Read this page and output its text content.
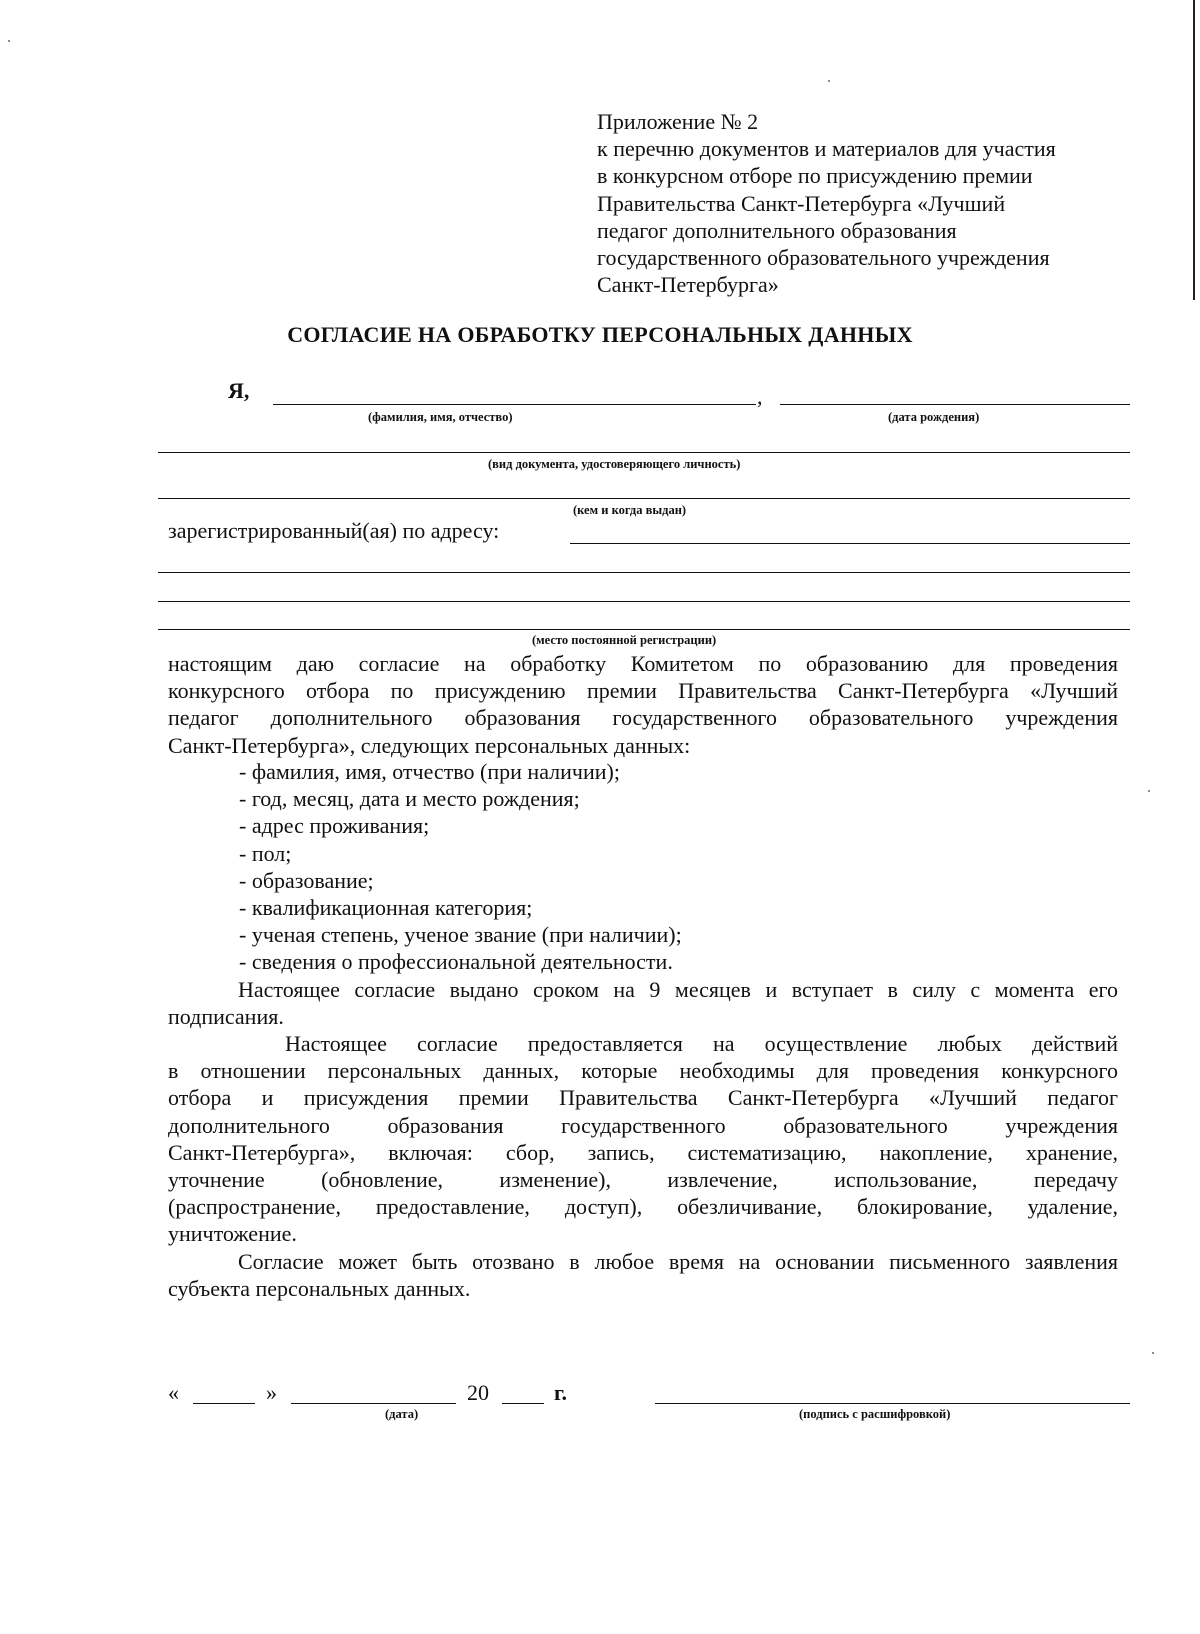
Приложение № 2
к перечню документов и материалов для участия
в конкурсном отборе по присуждению премии
Правительства Санкт-Петербурга «Лучший
педагог дополнительного образования
государственного образовательного учреждения
Санкт-Петербурга»
СОГЛАСИЕ НА ОБРАБОТКУ ПЕРСОНАЛЬНЫХ ДАННЫХ
Я,	,
(фамилия, имя, отчество)	(дата рождения)
(вид документа, удостоверяющего личность)
(кем и когда выдан)
зарегистрированный(ая) по адресу:
(место постоянной регистрации)
настоящим даю согласие на обработку Комитетом по образованию для проведения
конкурсного отбора по присуждению премии Правительства Санкт-Петербурга «Лучший
педагог дополнительного образования государственного образовательного учреждения
Санкт-Петербурга», следующих персональных данных:
- фамилия, имя, отчество (при наличии);
- год, месяц, дата и место рождения;
- адрес проживания;
- пол;
- образование;
- квалификационная категория;
- ученая степень, ученое звание (при наличии);
- сведения о профессиональной деятельности.
Настоящее согласие выдано сроком на 9 месяцев и вступает в силу с момента его
подписания.
Настоящее согласие предоставляется на осуществление любых действий
в отношении персональных данных, которые необходимы для проведения конкурсного
отбора и присуждения премии Правительства Санкт-Петербурга «Лучший педагог
дополнительного образования государственного образовательного учреждения
Санкт-Петербурга», включая: сбор, запись, систематизацию, накопление, хранение,
уточнение (обновление, изменение), извлечение, использование, передачу
(распространение, предоставление, доступ), обезличивание, блокирование, удаление,
уничтожение.
Согласие может быть отозвано в любое время на основании письменного заявления
субъекта персональных данных.
«	»	20	г.
(дата)	(подпись с расшифровкой)
